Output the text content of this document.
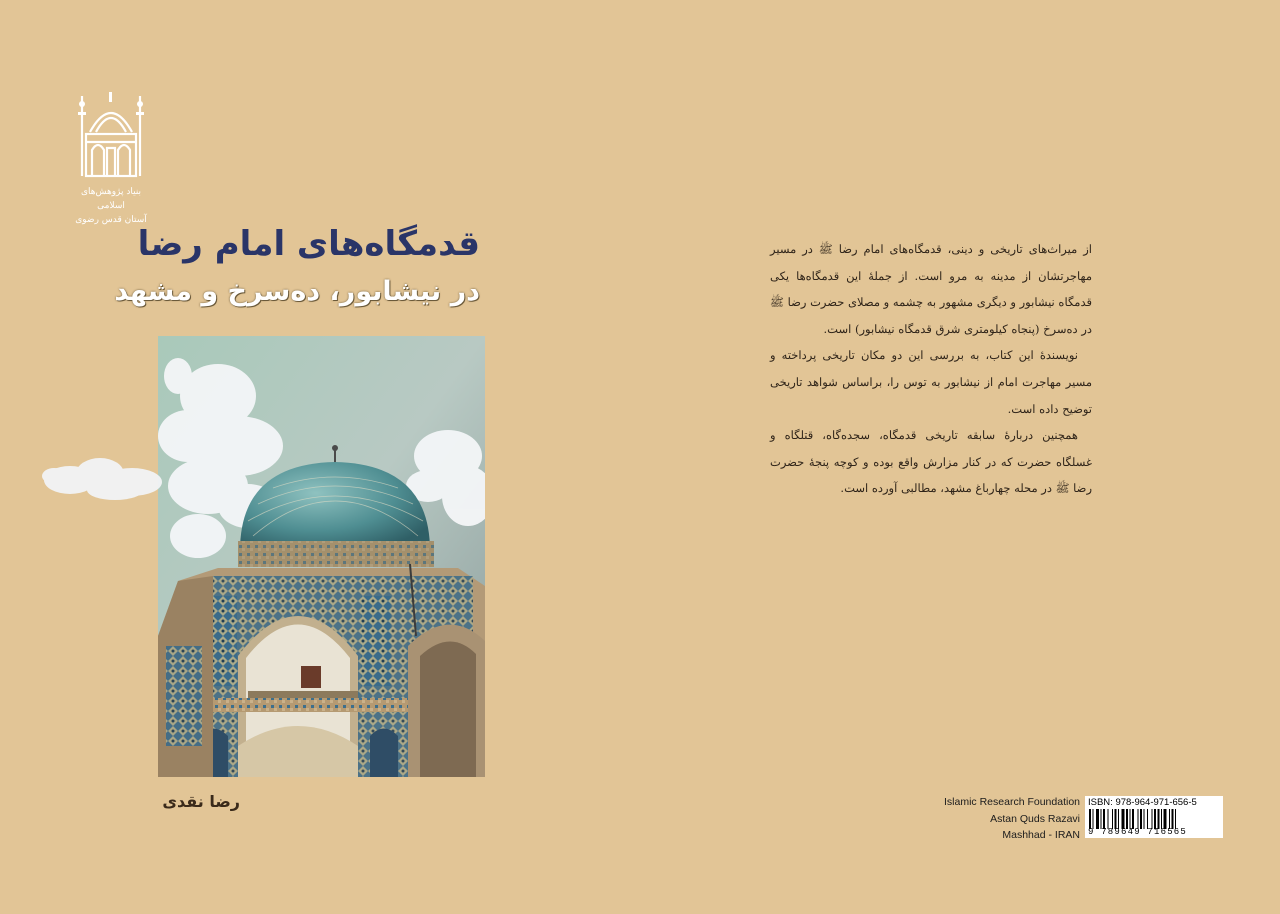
بنیاد پژوهش‌های اسلامی
آستان قدس رضوی
قدمگاه‌های امام رضا
در نیشابور، ده‌سرخ و مشهد
رضا نقدی

از میراث‌های تاریخی و دینی، قدمگاه‌های امام رضا ﷺ در مسیر مهاجرتشان از مدینه به مرو است. از جملهٔ این قدمگاه‌ها یکی قدمگاه نیشابور و دیگری مشهور به چشمه و مصلای حضرت رضا ﷺ در ده‌سرخ (پنجاه کیلومتری شرق قدمگاه نیشابور) است.

نویسندهٔ این کتاب، به بررسی این دو مکان تاریخی پرداخته و مسیر مهاجرت امام از نیشابور به توس را، براساس شواهد تاریخی توضیح داده است.

همچنین دربارهٔ سابقه تاریخی قدمگاه، سجده‌گاه، قتلگاه و غسلگاه حضرت که در کنار مزارش واقع بوده و کوچه پنجهٔ حضرت رضا ﷺ در محله چهارباغ مشهد، مطالبی آورده است.

Islamic Research Foundation
Astan Quds Razavi
Mashhad - IRAN
ISBN: 978-964-971-656-5
9 789649 716565
